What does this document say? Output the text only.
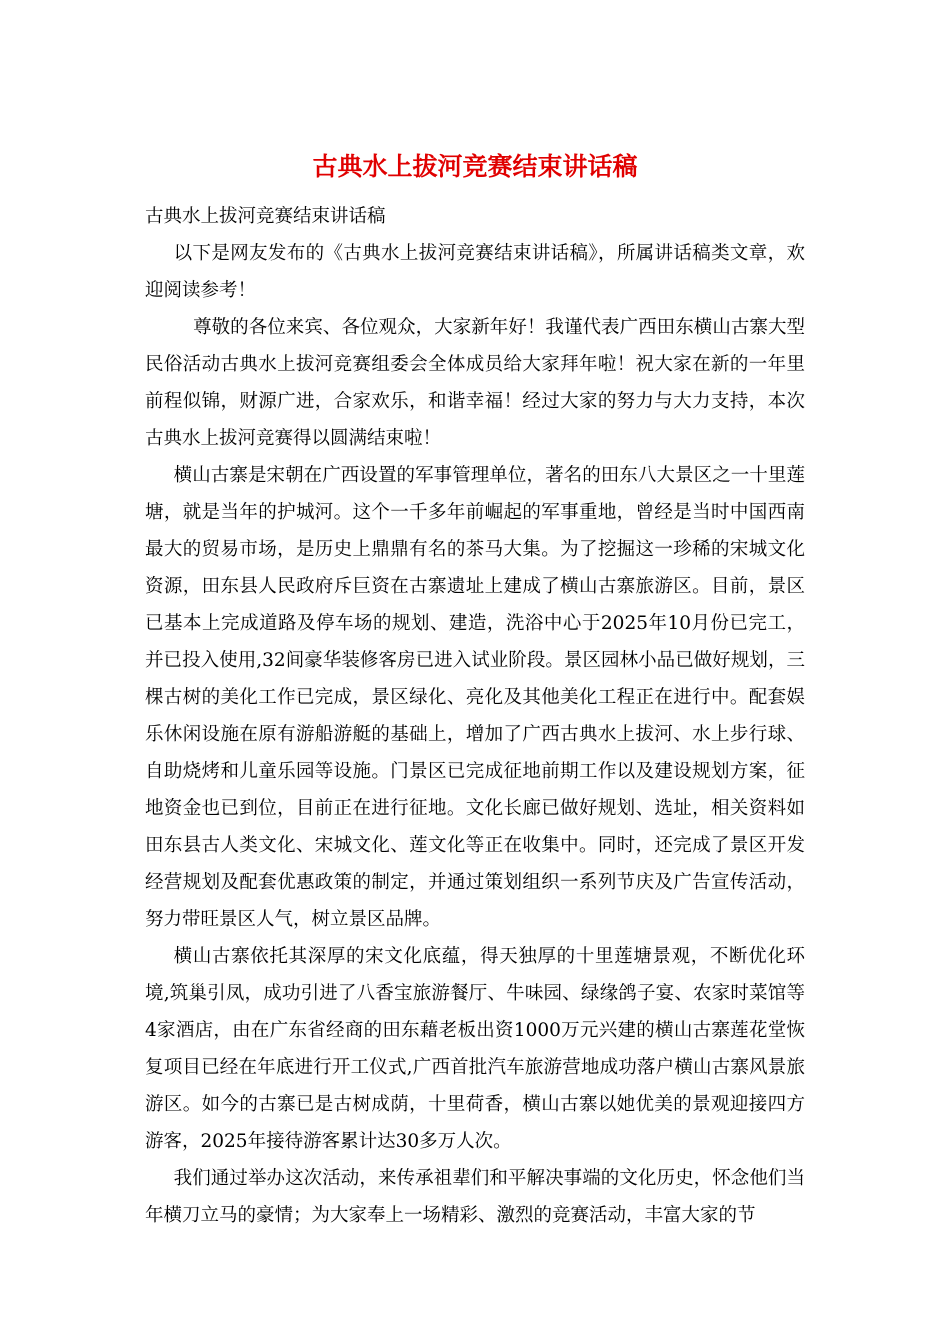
古典水上拔河竞赛结束讲话稿

古典水上拔河竞赛结束讲话稿

以下是网友发布的《古典水上拔河竞赛结束讲话稿》，所属讲话稿类文章，欢迎阅读参考！

尊敬的各位来宾、各位观众，大家新年好！我谨代表广西田东横山古寨大型民俗活动古典水上拔河竞赛组委会全体成员给大家拜年啦！祝大家在新的一年里前程似锦，财源广进，合家欢乐，和谐幸福！经过大家的努力与大力支持，本次古典水上拔河竞赛得以圆满结束啦！

横山古寨是宋朝在广西设置的军事管理单位，著名的田东八大景区之一十里莲塘，就是当年的护城河。这个一千多年前崛起的军事重地，曾经是当时中国西南最大的贸易市场，是历史上鼎鼎有名的茶马大集。为了挖掘这一珍稀的宋城文化资源，田东县人民政府斥巨资在古寨遗址上建成了横山古寨旅游区。目前，景区已基本上完成道路及停车场的规划、建造，洗浴中心于2025年10月份已完工，并已投入使用,32间豪华装修客房已进入试业阶段。景区园林小品已做好规划，三棵古树的美化工作已完成，景区绿化、亮化及其他美化工程正在进行中。配套娱乐休闲设施在原有游船游艇的基础上，增加了广西古典水上拔河、水上步行球、自助烧烤和儿童乐园等设施。门景区已完成征地前期工作以及建设规划方案，征地资金也已到位，目前正在进行征地。文化长廊已做好规划、选址，相关资料如田东县古人类文化、宋城文化、莲文化等正在收集中。同时，还完成了景区开发经营规划及配套优惠政策的制定，并通过策划组织一系列节庆及广告宣传活动，努力带旺景区人气，树立景区品牌。

横山古寨依托其深厚的宋文化底蕴，得天独厚的十里莲塘景观，不断优化环境,筑巢引凤，成功引进了八香宝旅游餐厅、牛味园、绿缘鸽子宴、农家时菜馆等4家酒店，由在广东省经商的田东藉老板出资1000万元兴建的横山古寨莲花堂恢复项目已经在年底进行开工仪式,广西首批汽车旅游营地成功落户横山古寨风景旅游区。如今的古寨已是古树成荫，十里荷香，横山古寨以她优美的景观迎接四方游客，2025年接待游客累计达30多万人次。

我们通过举办这次活动，来传承祖辈们和平解决事端的文化历史，怀念他们当年横刀立马的豪情；为大家奉上一场精彩、激烈的竞赛活动，丰富大家的节
